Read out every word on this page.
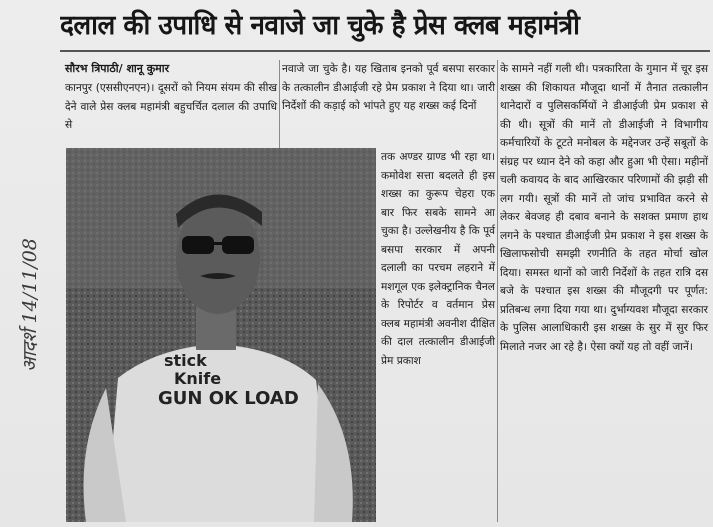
दलाल की उपाधि से नवाजे जा चुके है प्रेस क्लब महामंत्री
आदर्श 14/11/08
सौरभ त्रिपाठी/ शानू कुमार

कानपुर (एससीएनएन)। दूसरों को नियम संयम की सीख देने वाले प्रेस क्लब महामंत्री बहुचर्चित दलाल की उपाधि से

नवाजे जा चुके है। यह खिताब इनको पूर्व बसपा सरकार के तत्कालीन डीआईजी रहे प्रेम प्रकाश ने दिया था। जारी निर्देशों की कड़ाई को भांपते हुए यह शख्स कई दिनों

stick
Knife
GUN OK LOAD

तक अण्डर ग्राण्ड भी रहा था। कमोवेश सत्ता बदलते ही इस शख्स का कुरूप चेहरा एक बार फिर सबके सामने आ चुका है। उल्लेखनीय है कि पूर्व बसपा सरकार में अपनी दलाली का परचम लहराने में मशगूल एक इलेक्ट्रानिक चैनल के रिपोर्टर व वर्तमान प्रेस क्लब महामंत्री अवनीश दीक्षित की दाल तत्कालीन डीआईजी प्रेम प्रकाश

के सामने नहीं गली थी। पत्रकारिता के गुमान में चूर इस शख्स की शिकायत मौजूदा थानों में तैनात तत्कालीन थानेदारों व पुलिसकर्मियों ने डीआईजी प्रेम प्रकाश से की थी। सूत्रों की मानें तो डीआईजी ने विभागीय कर्मचारियों के टूटते मनोबल के मद्देनजर उन्हें सबूतों के संग्रह पर ध्यान देने को कहा और हुआ भी ऐसा। महीनों चली कवायद के बाद आखिरकार परिणामों की झड़ी सी लग गयी। सूत्रों की मानें तो जांच प्रभावित करने से लेकर बेवजह ही दबाव बनाने के सशक्त प्रमाण हाथ लगने के पश्चात डीआईजी प्रेम प्रकाश ने इस शख्स के खिलाफसोची समझी रणनीति के तहत मोर्चा खोल दिया। समस्त थानों को जारी निर्देशों के तहत रात्रि दस बजे के पश्चात इस शख्स की मौजूदगी पर पूर्णत: प्रतिबन्ध लगा दिया गया था। दुर्भाग्यवश मौजूदा सरकार के पुलिस आलाधिकारी इस शख्स के सुर में सुर फिर मिलाते नजर आ रहे है। ऐसा क्यों यह तो वहीं जानें।
